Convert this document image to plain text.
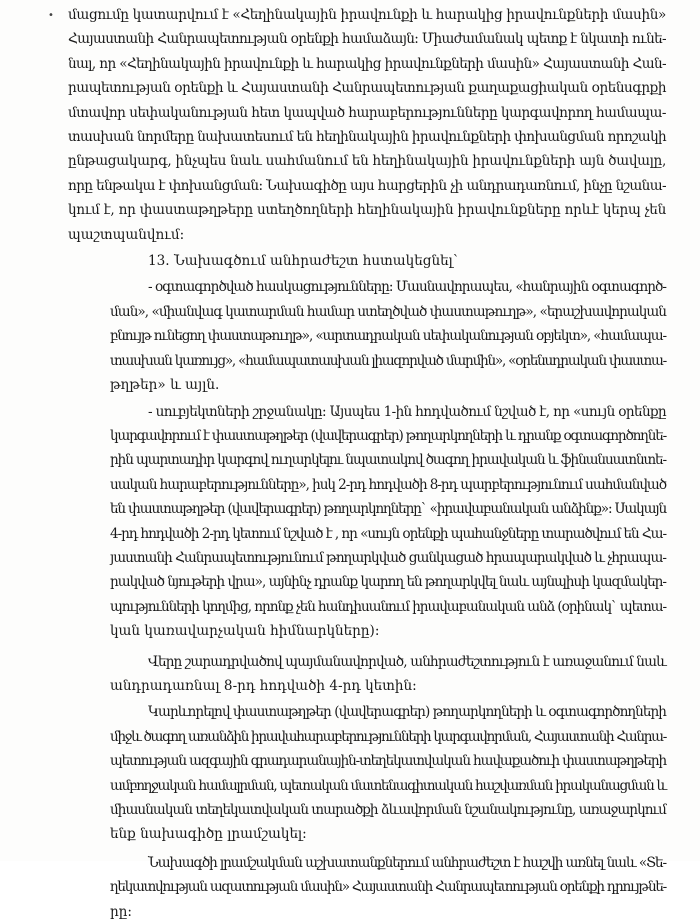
• մացումը կատարվում է «Հեղինակային իրավունքի և հարակից իրավունքների մասին»
Հայաստանի Հանրապետության օրենքի համաձայն: Միաժամանակ պետք է նկատի ունե-
նալ, որ «Հեղինակային իրավունքի և հարակից իրավունքների մասին» Հայաստանի Հան-
րապետության օրենքի և Հայաստանի Հանրապետության քաղաքացիական օրենսգրքի
մտավոր սեփականության հետ կապված հարաբերությունները կարգավորող համապա-
տասխան նորմերը նախատեսում են հեղինակային իրավունքների փոխանցման որոշակի
ընթացակարգ, ինչպես նաև սահմանում են հեղինակային իրավունքների այն ծավալը,
որը ենթակա է փոխանցման: Նախագիծը այս հարցերին չի անդրադառնում, ինչը նշանա-
կում է, որ փաստաթղթերը ստեղծողների հեղինակային իրավունքները որևէ կերպ չեն
պաշտպանվում:

13. Նախագծում անհրաժեշտ հստակեցնել`

- օգտագործված հասկացությունները: Մասնավորապես, «հանրային օգտագործ-
ման», «միանվագ կատարման համար ստեղծված փաստաթուղթ», «երաշխավորական
բնույթ ունեցող փաստաթուղթ», «արտադրական սեփականության օբյեկտ», «համապա-
տասխան կառույց», «համապատասխան լիազորված մարմին», «օրենսդրական փաստա-
թղթեր» և այլն.

- սուբյեկտների շրջանակը: Այսպես 1-ին հոդվածում նշված է, որ «սույն օրենքը
կարգավորում է փաստաթղթեր (վավերագրեր) թողարկողների և դրանք օգտագործողնե-
րին պարտադիր կարգով ուղարկելու նպատակով ծագող իրավական և ֆինանսատնտե-
սական հարաբերությունները», իսկ 2-րդ հոդվածի 8-րդ պարբերությունում սահմանված
են փաստաթղթեր (վավերագրեր) թողարկողները` «իրավաբանական անձինք»: Սակայն
4-րդ հոդվածի 2-րդ կետում նշված է , որ «սույն օրենքի պահանջները տարածվում են Հա-
յաստանի Հանրապետությունում թողարկված ցանկացած հրապարակված և չհրապա-
րակված նյութերի վրա», այնինչ դրանք կարող են թողարկվել նաև այնպիսի կազմակեր-
պությունների կողմից, որոնք չեն հանդիսանում իրավաբանական անձ (օրինակ` պետա-
կան կառավարչական հիմնարկները):

Վերը շարադրվածով պայմանավորված, անհրաժեշտություն է առաջանում նաև
անդրադառնալ 8-րդ հոդվածի 4-րդ կետին:

Կարևորելով փաստաթղթեր (վավերագրեր) թողարկողների և օգտագործողների
միջև ծագող առանձին իրավահարաբերությունների կարգավորման, Հայաստանի Հանրա-
պետության ազգային գրադարանային-տեղեկատվական հավաքածուի փաստաթղթերի
ամբողջական համալրման, պետական մատենագիտական հաշվառման իրականացման և
միասնական տեղեկատվական տարածքի ձևավորման նշանակությունը, առաջարկում
ենք նախագիծը լրամշակել:

Նախագծի լրամշակման աշխատանքներում անհրաժեշտ է հաշվի առնել նաև «Տե-
ղեկատվության ազատության մասին» Հայաստանի Հանրապետության օրենքի դրույթնե-
րը:
